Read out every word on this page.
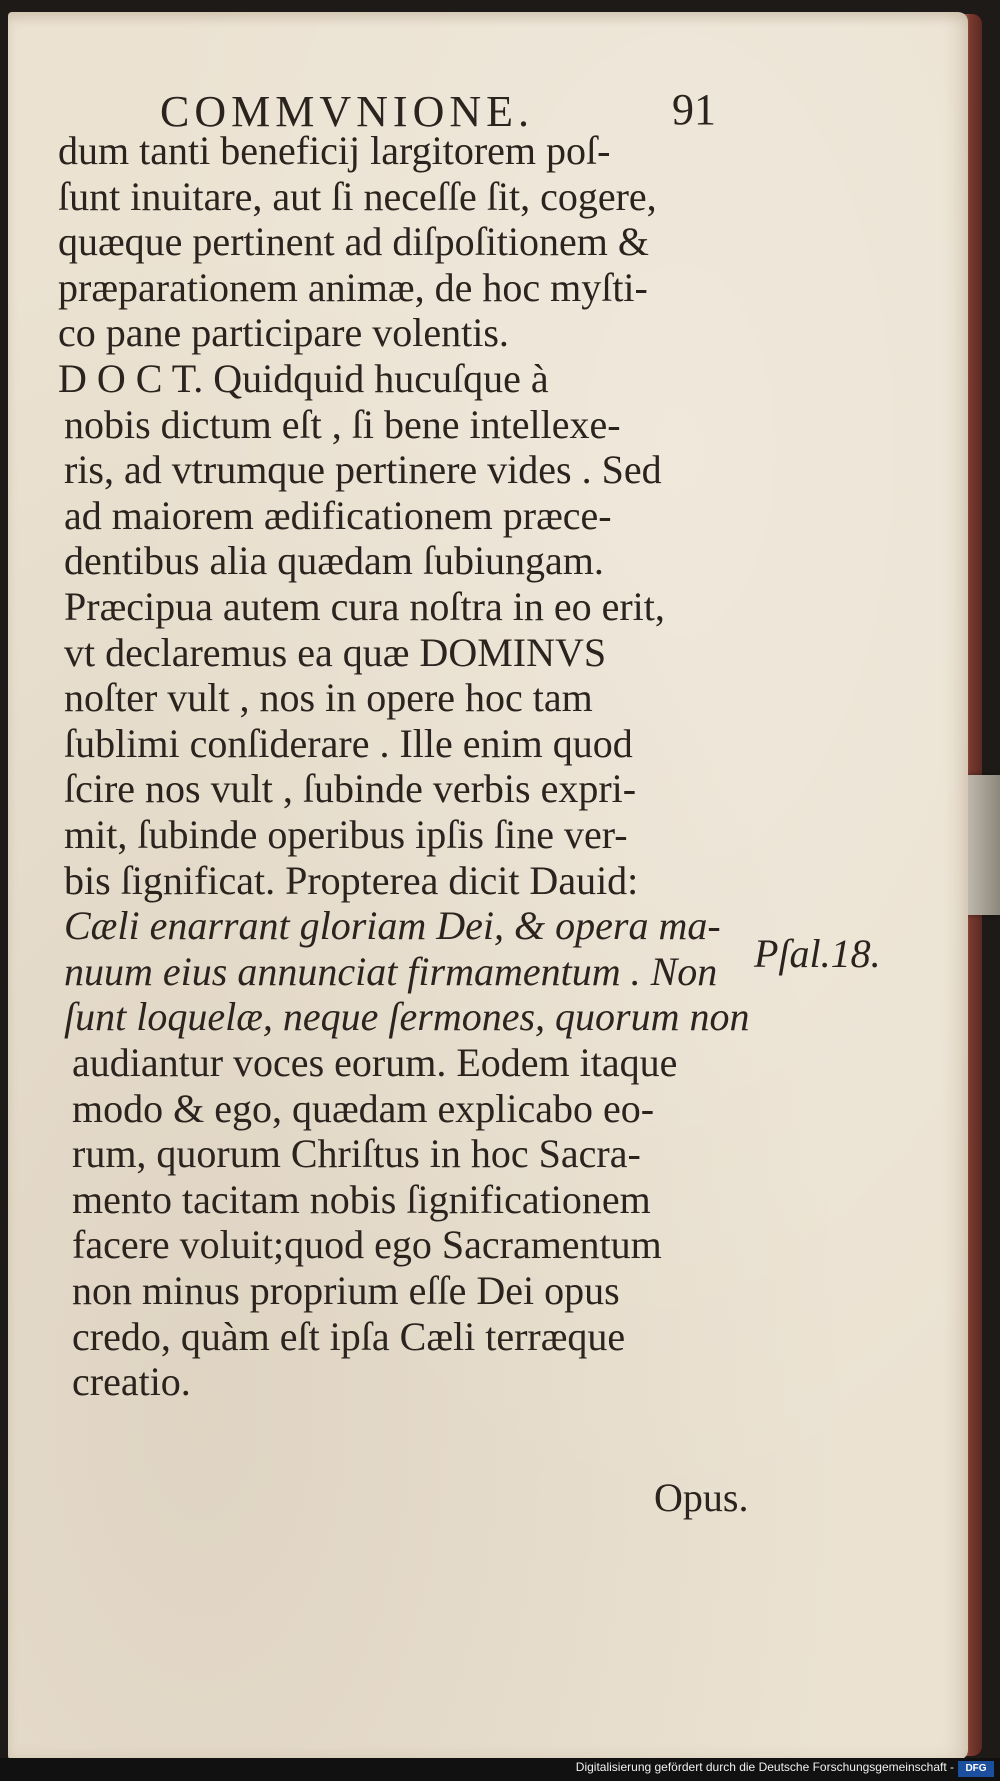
COMMVNIONE.	91
dum tanti beneficij largitorem poſ-
ſunt inuitare, aut ſi neceſſe ſit, cogere,
quæque pertinent ad diſpoſitionem &
præparationem animæ, de hoc myſti-
co pane participare volentis.
D O C T. Quidquid hucuſque à
nobis dictum eſt , ſi bene intellexe-
ris, ad vtrumque pertinere vides . Sed
ad maiorem ædificationem præce-
dentibus alia quædam ſubiungam.
Præcipua autem cura noſtra in eo erit,
vt declaremus ea quæ DOMINVS
noſter vult , nos in opere hoc tam
ſublimi conſiderare . Ille enim quod
ſcire nos vult , ſubinde verbis expri-
mit, ſubinde operibus ipſis ſine ver-
bis ſignificat. Propterea dicit Dauid:
Cæli enarrant gloriam Dei, & opera ma-
nuum eius annunciat firmamentum . Non
ſunt loquelæ, neque ſermones, quorum non
audiantur voces eorum. Eodem itaque
modo & ego, quædam explicabo eo-
rum, quorum Chriſtus in hoc Sacra-
mento tacitam nobis ſignificationem
facere voluit;quod ego Sacramentum
non minus proprium eſſe Dei opus
credo, quàm eſt ipſa Cæli terræque
creatio.
Pſal.18.
Opus.
Digitalisierung gefördert durch die Deutsche Forschungsgemeinschaft -	DFG
